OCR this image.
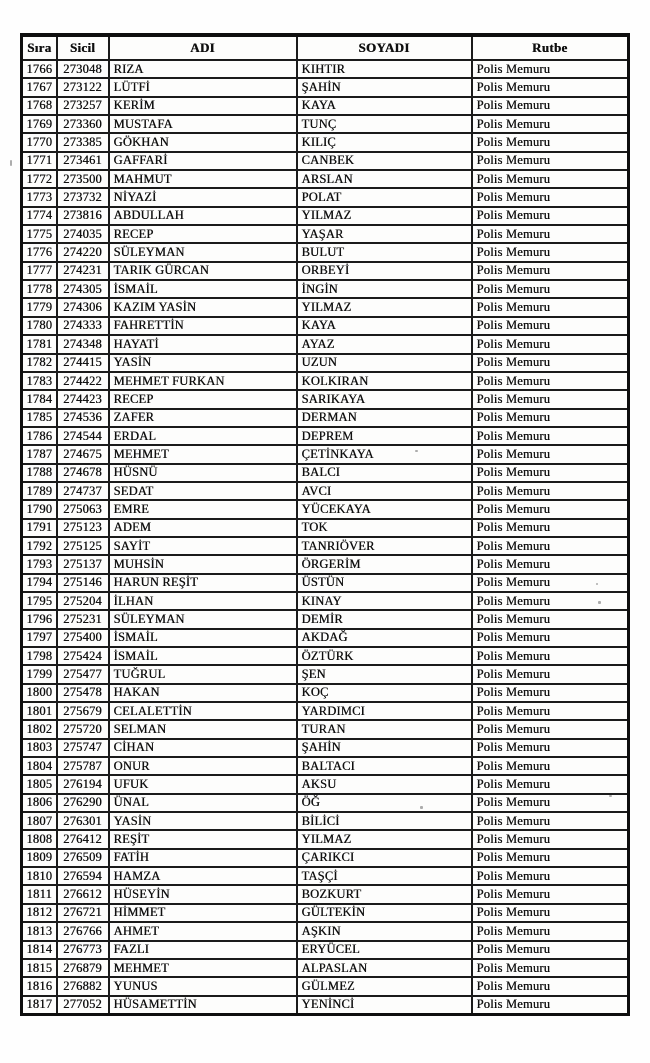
Sıra	Sicil	ADI	SOYADI	Rutbe
1766	273048	RIZA	KIHTIR	Polis Memuru
1767	273122	LÜTFİ	ŞAHİN	Polis Memuru
1768	273257	KERİM	KAYA	Polis Memuru
1769	273360	MUSTAFA	TUNÇ	Polis Memuru
1770	273385	GÖKHAN	KILIÇ	Polis Memuru
1771	273461	GAFFARİ	CANBEK	Polis Memuru
1772	273500	MAHMUT	ARSLAN	Polis Memuru
1773	273732	NİYAZİ	POLAT	Polis Memuru
1774	273816	ABDULLAH	YILMAZ	Polis Memuru
1775	274035	RECEP	YAŞAR	Polis Memuru
1776	274220	SÜLEYMAN	BULUT	Polis Memuru
1777	274231	TARIK GÜRCAN	ORBEYİ	Polis Memuru
1778	274305	İSMAİL	İNGİN	Polis Memuru
1779	274306	KAZIM YASİN	YILMAZ	Polis Memuru
1780	274333	FAHRETTİN	KAYA	Polis Memuru
1781	274348	HAYATİ	AYAZ	Polis Memuru
1782	274415	YASİN	UZUN	Polis Memuru
1783	274422	MEHMET FURKAN	KOLKIRAN	Polis Memuru
1784	274423	RECEP	SARIKAYA	Polis Memuru
1785	274536	ZAFER	DERMAN	Polis Memuru
1786	274544	ERDAL	DEPREM	Polis Memuru
1787	274675	MEHMET	ÇETİNKAYA	Polis Memuru
1788	274678	HÜSNÜ	BALCI	Polis Memuru
1789	274737	SEDAT	AVCI	Polis Memuru
1790	275063	EMRE	YÜCEKAYA	Polis Memuru
1791	275123	ADEM	TOK	Polis Memuru
1792	275125	SAYİT	TANRIÖVER	Polis Memuru
1793	275137	MUHSİN	ÖRGERİM	Polis Memuru
1794	275146	HARUN REŞİT	ÜSTÜN	Polis Memuru
1795	275204	İLHAN	KINAY	Polis Memuru
1796	275231	SÜLEYMAN	DEMİR	Polis Memuru
1797	275400	İSMAİL	AKDAĞ	Polis Memuru
1798	275424	İSMAİL	ÖZTÜRK	Polis Memuru
1799	275477	TUĞRUL	ŞEN	Polis Memuru
1800	275478	HAKAN	KOÇ	Polis Memuru
1801	275679	CELALETTİN	YARDIMCI	Polis Memuru
1802	275720	SELMAN	TURAN	Polis Memuru
1803	275747	CİHAN	ŞAHİN	Polis Memuru
1804	275787	ONUR	BALTACI	Polis Memuru
1805	276194	UFUK	AKSU	Polis Memuru
1806	276290	ÜNAL	ÖĞ	Polis Memuru
1807	276301	YASİN	BİLİCİ	Polis Memuru
1808	276412	REŞİT	YILMAZ	Polis Memuru
1809	276509	FATİH	ÇARIKCI	Polis Memuru
1810	276594	HAMZA	TAŞÇİ	Polis Memuru
1811	276612	HÜSEYİN	BOZKURT	Polis Memuru
1812	276721	HİMMET	GÜLTEKİN	Polis Memuru
1813	276766	AHMET	AŞKIN	Polis Memuru
1814	276773	FAZLI	ERYÜCEL	Polis Memuru
1815	276879	MEHMET	ALPASLAN	Polis Memuru
1816	276882	YUNUS	GÜLMEZ	Polis Memuru
1817	277052	HÜSAMETTİN	YENİNCİ	Polis Memuru
